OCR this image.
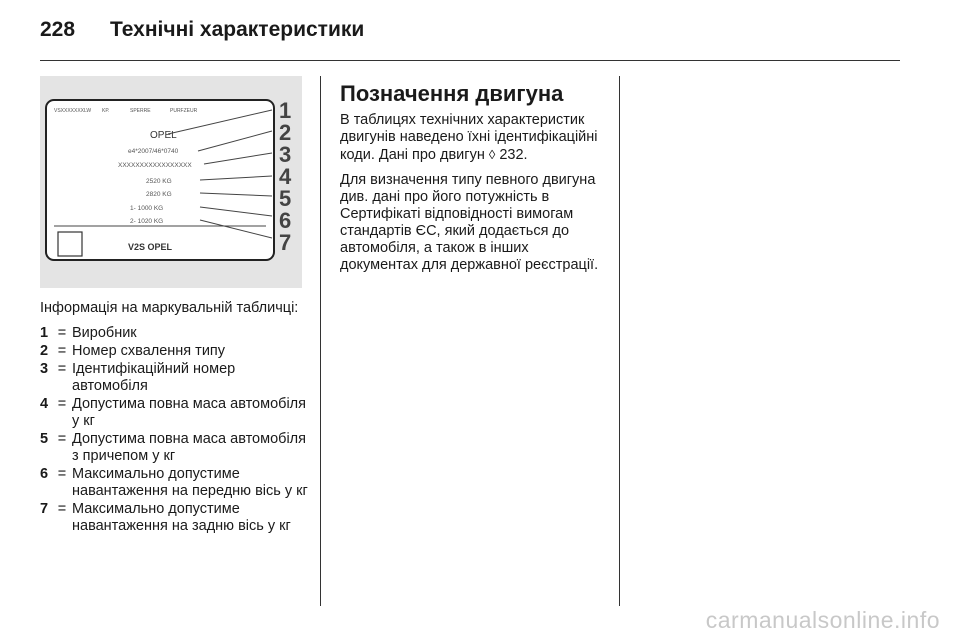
228	Технічні характеристики
VSXXXXXXXLW KP.	SPERRE	PURFZEUR
OPEL
e4*2007/46*0740
XXXXXXXXXXXXXXXXX
2520 KG
2820 KG
1- 1000 KG
2- 1020 KG
V2S OPEL
1
2
3
4
5
6
7

Інформація на маркувальній табличці:

1 = Виробник
2 = Номер схвалення типу
3 = Ідентифікаційний номер автомобіля
4 = Допустима повна маса автомобіля у кг
5 = Допустима повна маса автомобіля з причепом у кг
6 = Максимально допустиме навантаження на передню вісь у кг
7 = Максимально допустиме навантаження на задню вісь у кг
Позначення двигуна

В таблицях технічних характеристик двигунів наведено їхні ідентифікаційні коди. Дані про двигун ◊ 232.

Для визначення типу певного двигуна див. дані про його потужність в Сертифікаті відповідності вимогам стандартів ЄС, який додається до автомобіля, а також в інших документах для державної реєстрації.

carmanualsonline.info
